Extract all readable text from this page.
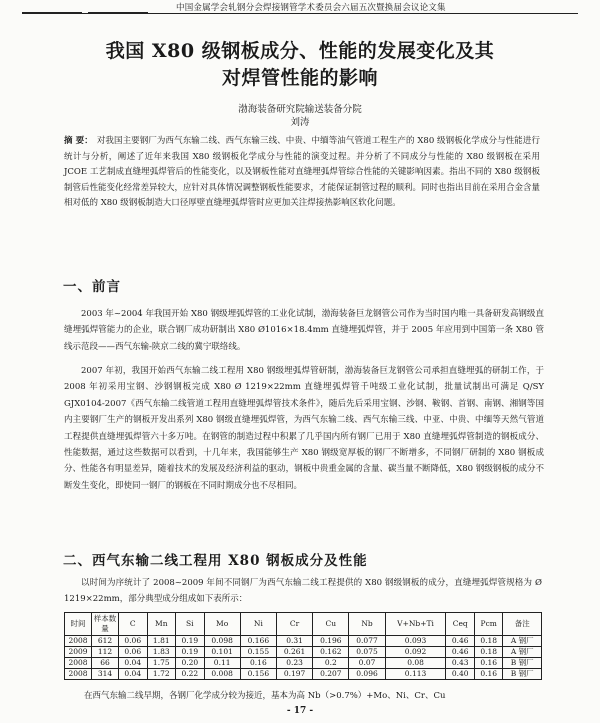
中国金属学会轧钢分会焊接钢管学术委员会六届五次暨换届会议论文集
我国 X80 级钢板成分、性能的发展变化及其
对焊管性能的影响
渤海装备研究院输送装备分院
刘涛
摘 要： 对我国主要钢厂为西气东输二线、西气东输三线、中贵、中缅等油气管道工程生产的 X80 级钢板化学成分与性能进行统计与分析，阐述了近年来我国 X80 级钢板化学成分与性能的演变过程。并分析了不同成分与性能的 X80 级钢板在采用 JCOE 工艺制成直缝埋弧焊管后的性能变化，以及钢板性能对直缝埋弧焊管综合性能的关键影响因素。指出不同的 X80 级钢板制管后性能变化经常差异较大，应针对具体情况调整钢板性能要求，才能保证制管过程的顺利。同时也指出目前在采用合金含量相对低的 X80 级钢板制造大口径厚壁直缝埋弧焊管时应更加关注焊接热影响区软化问题。
一、前言
2003 年~2004 年我国开始 X80 钢级埋弧焊管的工业化试制，渤海装备巨龙钢管公司作为当时国内唯一具备研发高钢级直缝埋弧焊管能力的企业，联合钢厂成功研制出 X80 Ø1016×18.4mm 直缝埋弧焊管，并于 2005 年应用到中国第一条 X80 管线示范段——西气东输-陕京二线的冀宁联络线。
2007 年初，我国开始西气东输二线工程用 X80 钢级埋弧焊管研制，渤海装备巨龙钢管公司承担直缝埋弧的研制工作，于 2008 年初采用宝钢、沙钢钢板完成 X80 Ø 1219×22mm 直缝埋弧焊管千吨级工业化试制，批量试制出可满足 Q/SY GJX0104-2007《西气东输二线管道工程用直缝埋弧焊管技术条件》，随后先后采用宝钢、沙钢、鞍钢、首钢、南钢、湘钢等国内主要钢厂生产的钢板开发出系列 X80 钢级直缝埋弧焊管，为西气东输二线、西气东输三线、中亚、中贵、中缅等天然气管道工程提供直缝埋弧焊管六十多万吨。在钢管的制造过程中积累了几乎国内所有钢厂已用于 X80 直缝埋弧焊管制造的钢板成分、性能数据，通过这些数据可以看到，十几年来，我国能够生产 X80 钢级宽厚板的钢厂不断增多，不同钢厂研制的 X80 钢板成分、性能各有明显差异，随着技术的发展及经济利益的驱动，钢板中贵重金属的含量、碳当量不断降低，X80 钢级钢板的成分不断发生变化，即使同一钢厂的钢板在不同时期成分也不尽相同。
二、西气东输二线工程用 X80 钢板成分及性能
以时间为序统计了 2008~2009 年间不同钢厂为西气东输二线工程提供的 X80 钢级钢板的成分，直缝埋弧焊管规格为 Ø 1219×22mm，部分典型成分组成如下表所示：
时间	样本数量	C	Mn	Si	Mo	Ni	Cr	Cu	Nb	V+Nb+Ti	Ceq	Pcm	备注
2008	612	0.06	1.81	0.19	0.098	0.166	0.31	0.196	0.077	0.093	0.46	0.18	A 钢厂
2009	112	0.06	1.83	0.19	0.101	0.155	0.261	0.162	0.075	0.092	0.46	0.18	A 钢厂
2008	66	0.04	1.75	0.20	0.11	0.16	0.23	0.2	0.07	0.08	0.43	0.16	B 钢厂
2008	314	0.04	1.72	0.22	0.008	0.156	0.197	0.207	0.096	0.113	0.40	0.16	B 钢厂
在西气东输二线早期，各钢厂化学成分较为接近，基本为高 Nb（>0.7%）+Mo、Ni、Cr、Cu
- 17 -
